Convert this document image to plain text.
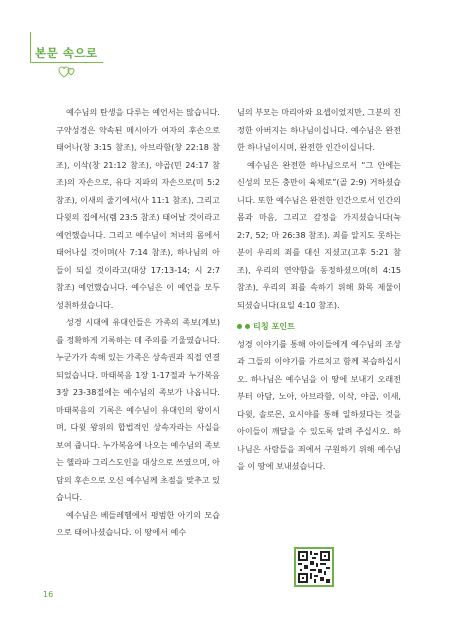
본문 속으로

예수님의 탄생을 다루는 예언서는 많습니다. 구약성경은 약속된 메시아가 여자의 후손으로 태어나(창 3:15 참조), 아브라함(창 22:18 참조), 이삭(창 21:12 참조), 야곱(민 24:17 참조)의 자손으로, 유다 지파의 자손으로(미 5:2 참조), 이새의 줄기에서(사 11:1 참조), 그리고 다윗의 집에서(렘 23:5 참조) 태어날 것이라고 예언했습니다. 그리고 예수님이 처녀의 몸에서 태어나실 것이며(사 7:14 참조), 하나님의 아들이 되실 것이라고(대상 17:13-14; 시 2:7 참조) 예언했습니다. 예수님은 이 예언을 모두 성취하셨습니다.

성경 시대에 유대인들은 가족의 족보(계보)를 정확하게 기록하는 데 주의를 기울였습니다. 누군가가 속해 있는 가족은 상속권과 직접 연결되었습니다. 마태복음 1장 1-17절과 누가복음 3장 23-38절에는 예수님의 족보가 나옵니다. 마태복음의 기록은 예수님이 유대인의 왕이시며, 다윗 왕위의 합법적인 상속자라는 사실을 보여 줍니다. 누가복음에 나오는 예수님의 족보는 헬라파 그리스도인을 대상으로 쓰였으며, 아담의 후손으로 오신 예수님께 초점을 맞추고 있습니다.

예수님은 베들레헴에서 평범한 아기의 모습으로 태어나셨습니다. 이 땅에서 예수

님의 부모는 마리아와 요셉이었지만, 그분의 진정한 아버지는 하나님이십니다. 예수님은 완전한 하나님이시며, 완전한 인간이십니다.

예수님은 완전한 하나님으로서 “그 안에는 신성의 모든 충만이 육체로”(골 2:9) 거하셨습니다. 또한 예수님은 완전한 인간으로서 인간의 몸과 마음, 그리고 감정을 가지셨습니다(눅 2:7, 52; 마 26:38 참조). 죄를 알지도 못하는 분이 우리의 죄를 대신 지셨고(고후 5:21 참조), 우리의 연약함을 동정하셨으며(히 4:15 참조), 우리의 죄를 속하기 위해 화목 제물이 되셨습니다(요일 4:10 참조).

티칭 포인트

성경 이야기를 통해 아이들에게 예수님의 조상과 그들의 이야기를 가르치고 함께 복습하십시오. 하나님은 예수님을 이 땅에 보내기 오래전부터 아담, 노아, 아브라함, 이삭, 야곱, 이새, 다윗, 솔로몬, 요시야를 통해 일하셨다는 것을 아이들이 깨달을 수 있도록 알려 주십시오. 하나님은 사람들을 죄에서 구원하기 위해 예수님을 이 땅에 보내셨습니다.

16
